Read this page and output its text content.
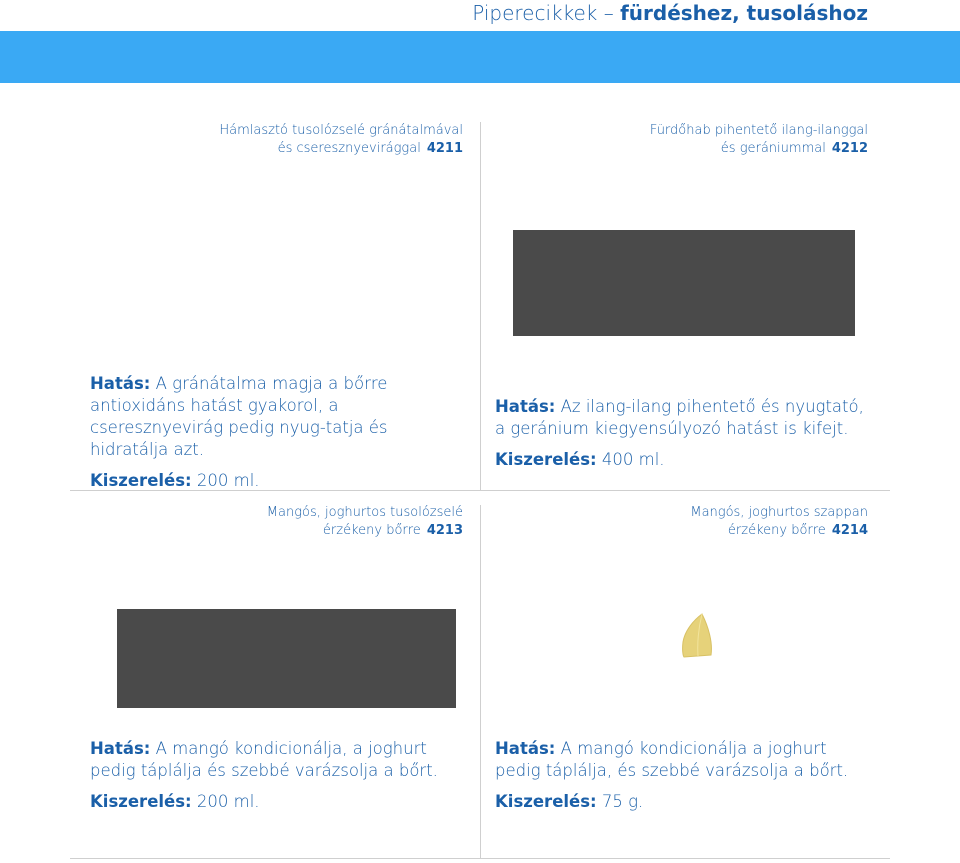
Piperecikkek – fürdéshez, tusoláshoz
Hámlasztó tusolózselé gránátalmával
és cseresznyevirággal 4211
Hatás: A gránátalma magja a bőrre antioxidáns hatást gyakorol, a cseresznyevirág pedig nyug-tatja és hidratálja azt.
Kiszerelés: 200 ml.
Fürdőhab pihentető ilang-ilanggal
és gerániummal 4212
Hatás: Az ilang-ilang pihentető és nyugtató, a geránium kiegyensúlyozó hatást is kifejt.
Kiszerelés: 400 ml.
Mangós, joghurtos tusolózselé
érzékeny bőrre 4213
Hatás: A mangó kondicionálja, a joghurt pedig táplálja és szebbé varázsolja a bőrt.
Kiszerelés: 200 ml.
Mangós, joghurtos szappan
érzékeny bőrre 4214
Hatás: A mangó kondicionálja a joghurt pedig táplálja, és szebbé varázsolja a bőrt.
Kiszerelés: 75 g.
